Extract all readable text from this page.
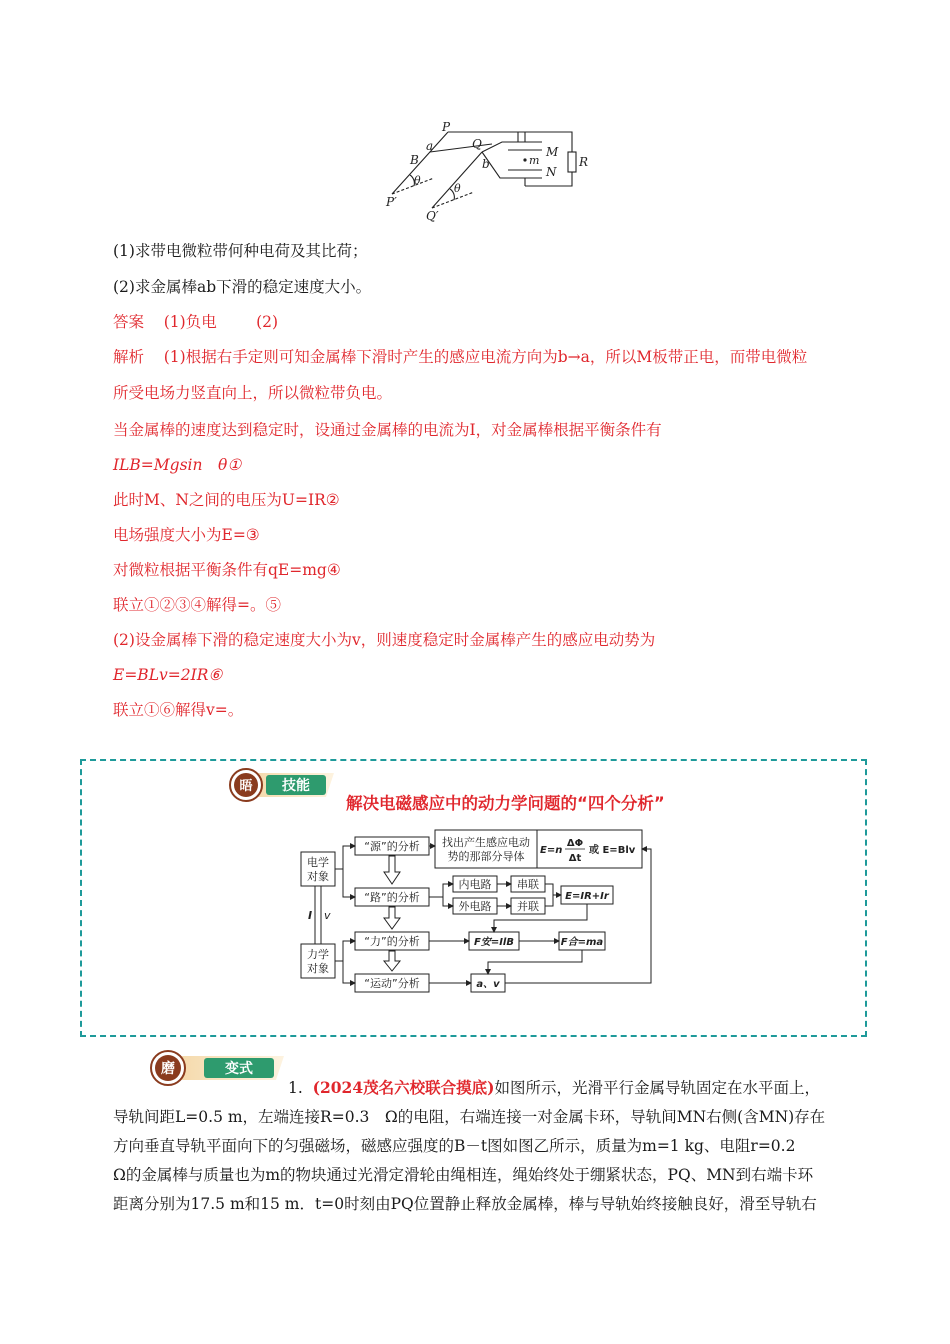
P
a
B
Q
b
M
N
R
m
θ
θ
P′
Q′
(1)求带电微粒带何种电荷及其比荷；
(2)求金属棒ab下滑的稳定速度大小。
答案 (1)负电	(2)
解析 (1)根据右手定则可知金属棒下滑时产生的感应电流方向为b→a，所以M板带正电，而带电微粒
所受电场力竖直向上，所以微粒带负电。
当金属棒的速度达到稳定时，设通过金属棒的电流为I，对金属棒根据平衡条件有
ILB=Mgsin　θ①
此时M、N之间的电压为U=IR②
电场强度大小为E=③
对微粒根据平衡条件有qE=mg④
联立①②③④解得=。⑤
(2)设金属棒下滑的稳定速度大小为v，则速度稳定时金属棒产生的感应电动势为
E=BLv=2IR⑥
联立①⑥解得v=。
晤 技能
解决电磁感应中的动力学问题的“四个分析”
电学
对象
力学
对象
I v
“源”的分析 找出产生感应电动
势的那部分导体 E=n
ΔΦ
Δt
或 E=Blv
“路”的分析
内电路
外电路
串联
并联
E=IR+Ir
“力”的分析	F安=IlB	F合=ma
“运动”分析	a、v
磨	变式
1. (2024茂名六校联合摸底)如图所示，光滑平行金属导轨固定在水平面上，
导轨间距L=0.5 m，左端连接R=0.3　Ω的电阻，右端连接一对金属卡环，导轨间MN右侧(含MN)存在
方向垂直导轨平面向下的匀强磁场，磁感应强度的B－t图如图乙所示，质量为m=1 kg、电阻r=0.2
Ω的金属棒与质量也为m的物块通过光滑定滑轮由绳相连，绳始终处于绷紧状态，PQ、MN到右端卡环
距离分别为17.5 m和15 m．t=0时刻由PQ位置静止释放金属棒，棒与导轨始终接触良好，滑至导轨右
